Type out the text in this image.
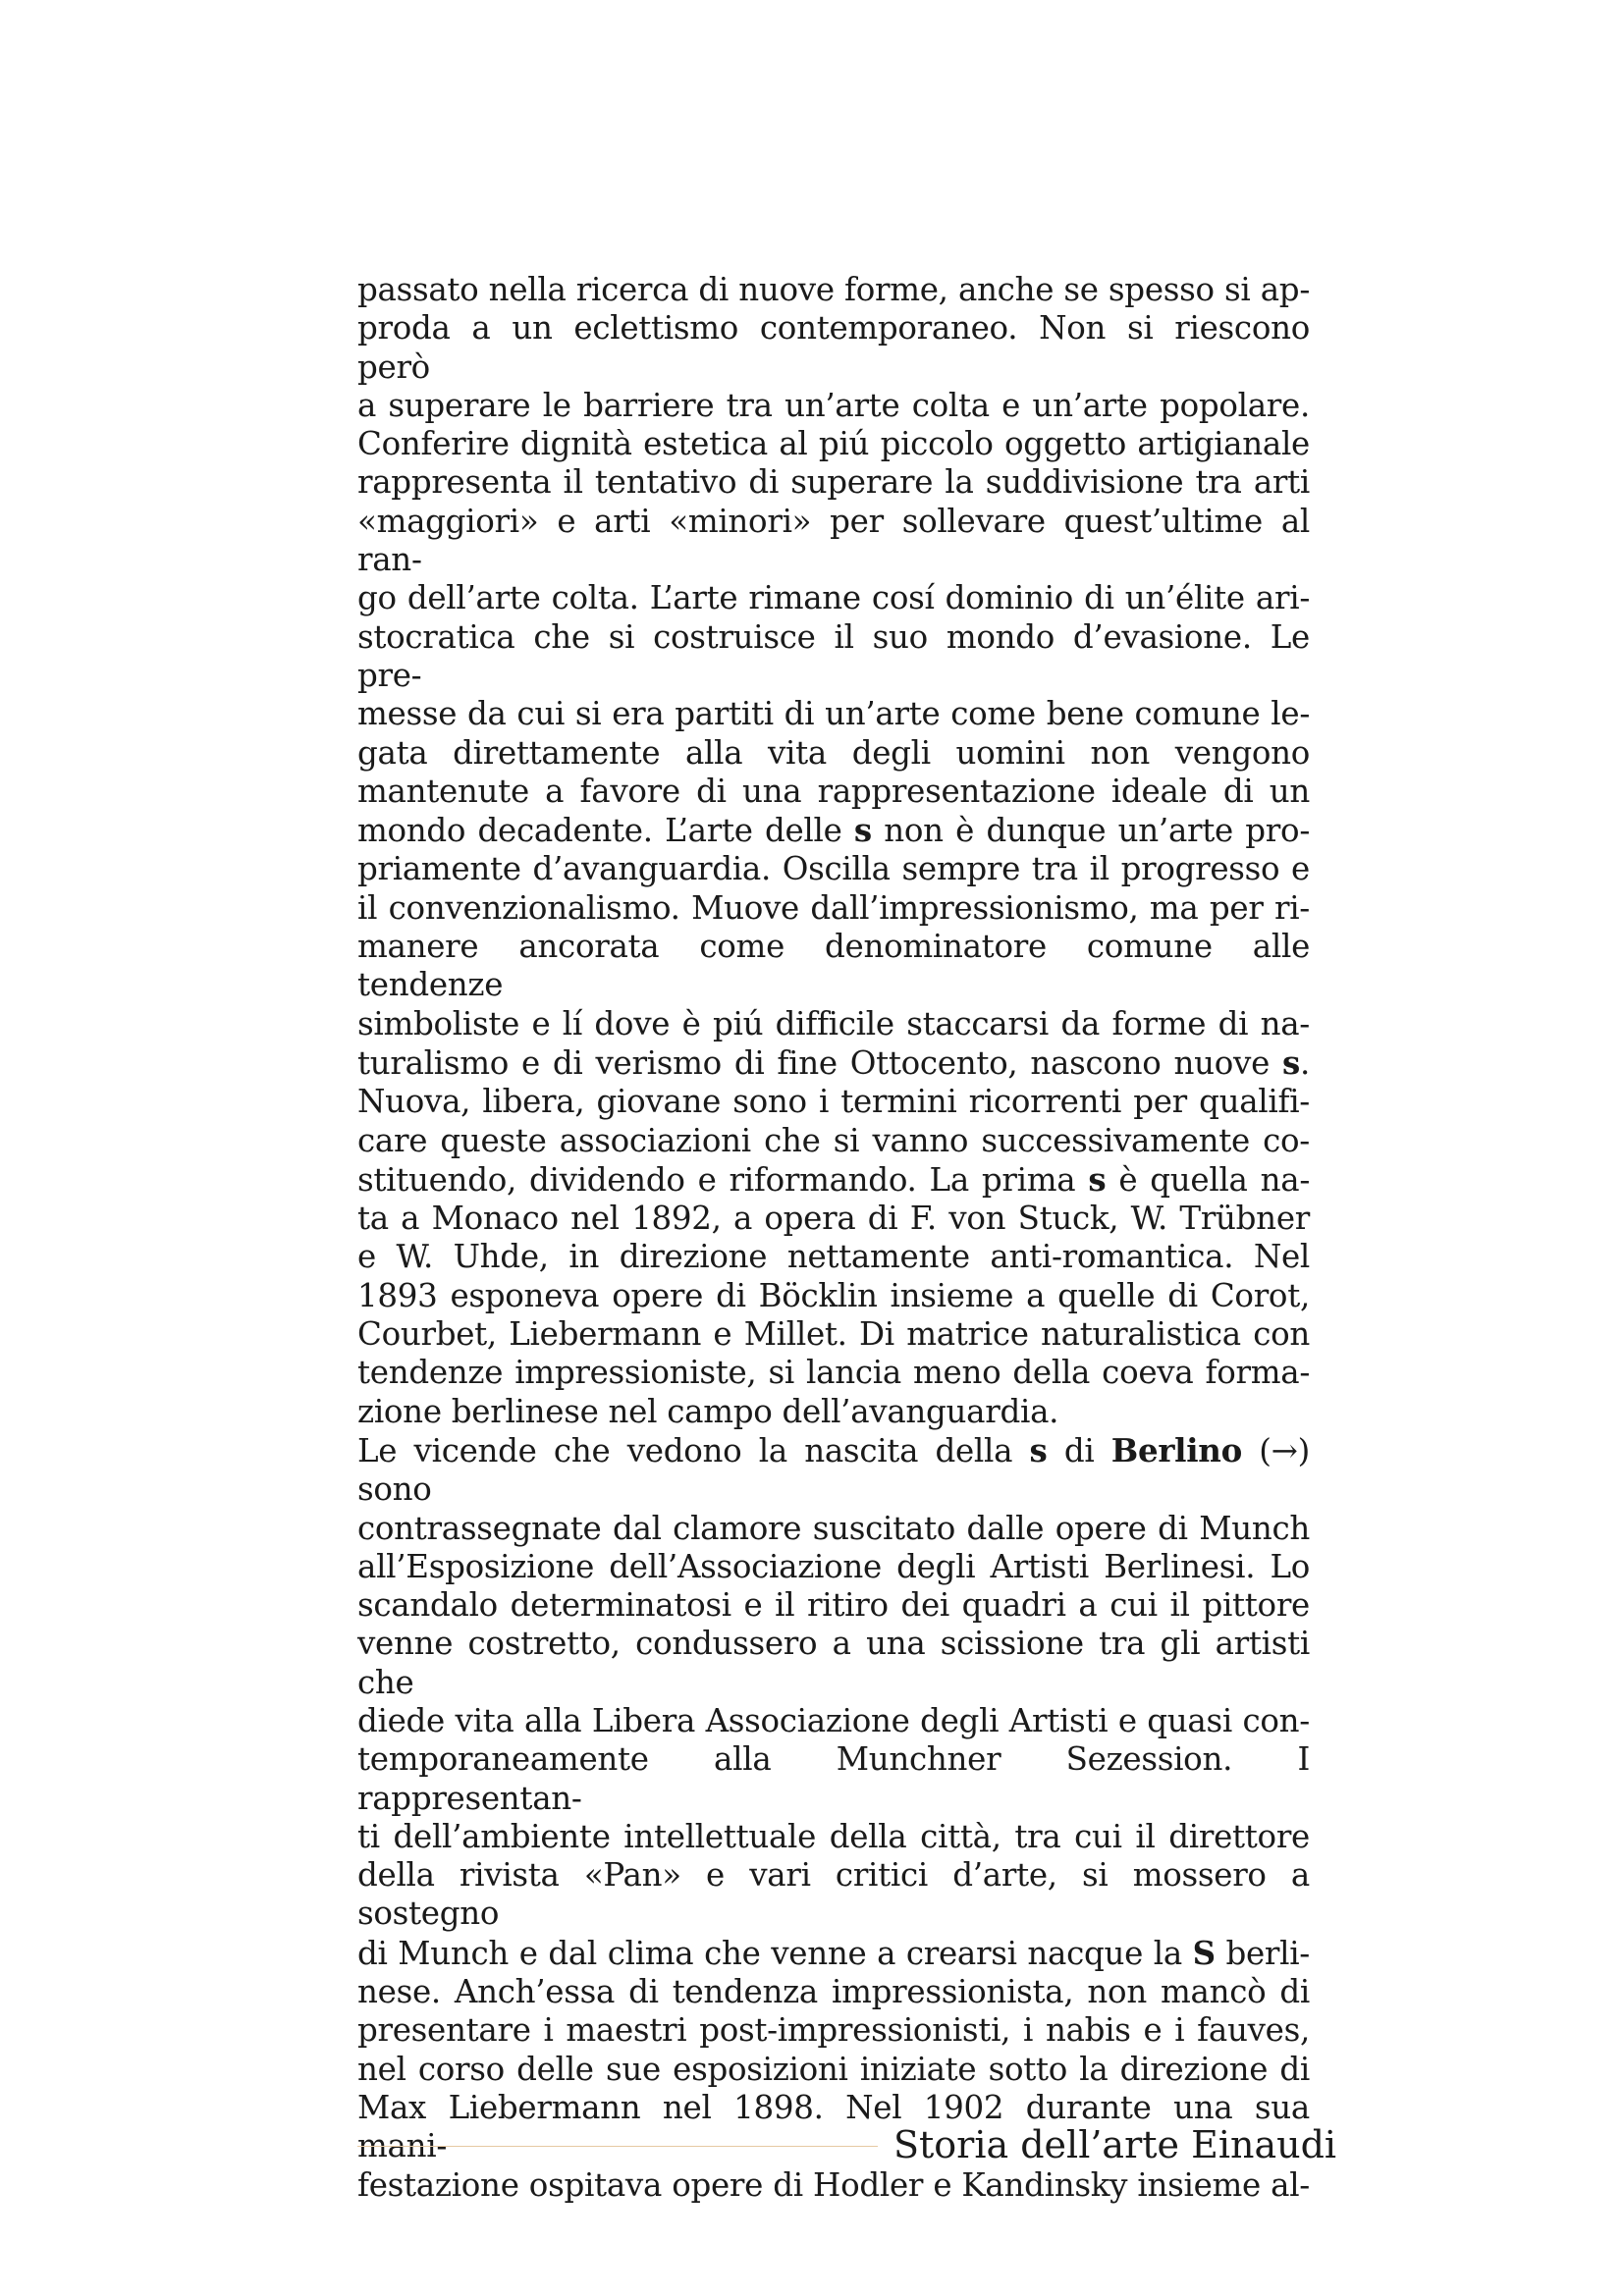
passato nella ricerca di nuove forme, anche se spesso si ap-
proda a un eclettismo contemporaneo. Non si riescono però
a superare le barriere tra un’arte colta e un’arte popolare.
Conferire dignità estetica al piú piccolo oggetto artigianale
rappresenta il tentativo di superare la suddivisione tra arti
«maggiori» e arti «minori» per sollevare quest’ultime al ran-
go dell’arte colta. L’arte rimane cosí dominio di un’élite ari-
stocratica che si costruisce il suo mondo d’evasione. Le pre-
messe da cui si era partiti di un’arte come bene comune le-
gata direttamente alla vita degli uomini non vengono
mantenute a favore di una rappresentazione ideale di un
mondo decadente. L’arte delle s non è dunque un’arte pro-
priamente d’avanguardia. Oscilla sempre tra il progresso e
il convenzionalismo. Muove dall’impressionismo, ma per ri-
manere ancorata come denominatore comune alle tendenze
simboliste e lí dove è piú difficile staccarsi da forme di na-
turalismo e di verismo di fine Ottocento, nascono nuove s.
Nuova, libera, giovane sono i termini ricorrenti per qualifi-
care queste associazioni che si vanno successivamente co-
stituendo, dividendo e riformando. La prima s è quella na-
ta a Monaco nel 1892, a opera di F. von Stuck, W. Trübner
e W. Uhde, in direzione nettamente anti-romantica. Nel
1893 esponeva opere di Böcklin insieme a quelle di Corot,
Courbet, Liebermann e Millet. Di matrice naturalistica con
tendenze impressioniste, si lancia meno della coeva forma-
zione berlinese nel campo dell’avanguardia.
Le vicende che vedono la nascita della s di Berlino (→) sono
contrassegnate dal clamore suscitato dalle opere di Munch
all’Esposizione dell’Associazione degli Artisti Berlinesi. Lo
scandalo determinatosi e il ritiro dei quadri a cui il pittore
venne costretto, condussero a una scissione tra gli artisti che
diede vita alla Libera Associazione degli Artisti e quasi con-
temporaneamente alla Munchner Sezession. I rappresentan-
ti dell’ambiente intellettuale della città, tra cui il direttore
della rivista «Pan» e vari critici d’arte, si mossero a sostegno
di Munch e dal clima che venne a crearsi nacque la S berli-
nese. Anch’essa di tendenza impressionista, non mancò di
presentare i maestri post-impressionisti, i nabis e i fauves,
nel corso delle sue esposizioni iniziate sotto la direzione di
Max Liebermann nel 1898. Nel 1902 durante una sua mani-
festazione ospitava opere di Hodler e Kandinsky insieme al-
Storia dell’arte Einaudi
